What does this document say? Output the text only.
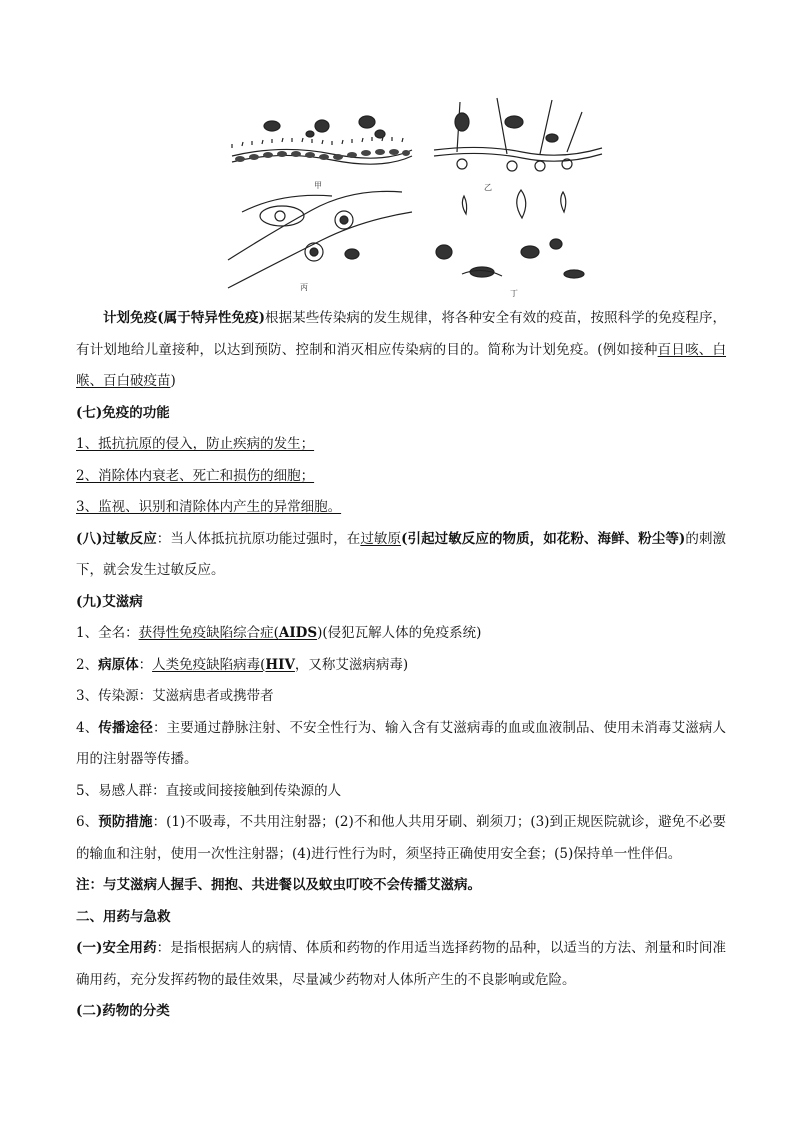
甲	乙
丙
丁

计划免疫(属于特异性免疫)根据某些传染病的发生规律，将各种安全有效的疫苗，按照科学的免疫程序，有计划地给儿童接种，以达到预防、控制和消灭相应传染病的目的。简称为计划免疫。(例如接种百日咳、白喉、百白破疫苗)

(七)免疫的功能

1、抵抗抗原的侵入，防止疾病的发生；

2、消除体内衰老、死亡和损伤的细胞；

3、监视、识别和清除体内产生的异常细胞。

(八)过敏反应：当人体抵抗抗原功能过强时，在过敏原(引起过敏反应的物质，如花粉、海鲜、粉尘等)的刺激下，就会发生过敏反应。

(九)艾滋病

1、全名：获得性免疫缺陷综合症(AIDS)(侵犯瓦解人体的免疫系统)

2、病原体：人类免疫缺陷病毒(HIV，又称艾滋病病毒)

3、传染源：艾滋病患者或携带者

4、传播途径：主要通过静脉注射、不安全性行为、输入含有艾滋病毒的血或血液制品、使用未消毒艾滋病人用的注射器等传播。

5、易感人群：直接或间接接触到传染源的人

6、预防措施：(1)不吸毒，不共用注射器；(2)不和他人共用牙刷、剃须刀；(3)到正规医院就诊，避免不必要的输血和注射，使用一次性注射器；(4)进行性行为时，须坚持正确使用安全套；(5)保持单一性伴侣。

注：与艾滋病人握手、拥抱、共进餐以及蚊虫叮咬不会传播艾滋病。

二、用药与急救

(一)安全用药：是指根据病人的病情、体质和药物的作用适当选择药物的品种，以适当的方法、剂量和时间准确用药，充分发挥药物的最佳效果，尽量减少药物对人体所产生的不良影响或危险。

(二)药物的分类
